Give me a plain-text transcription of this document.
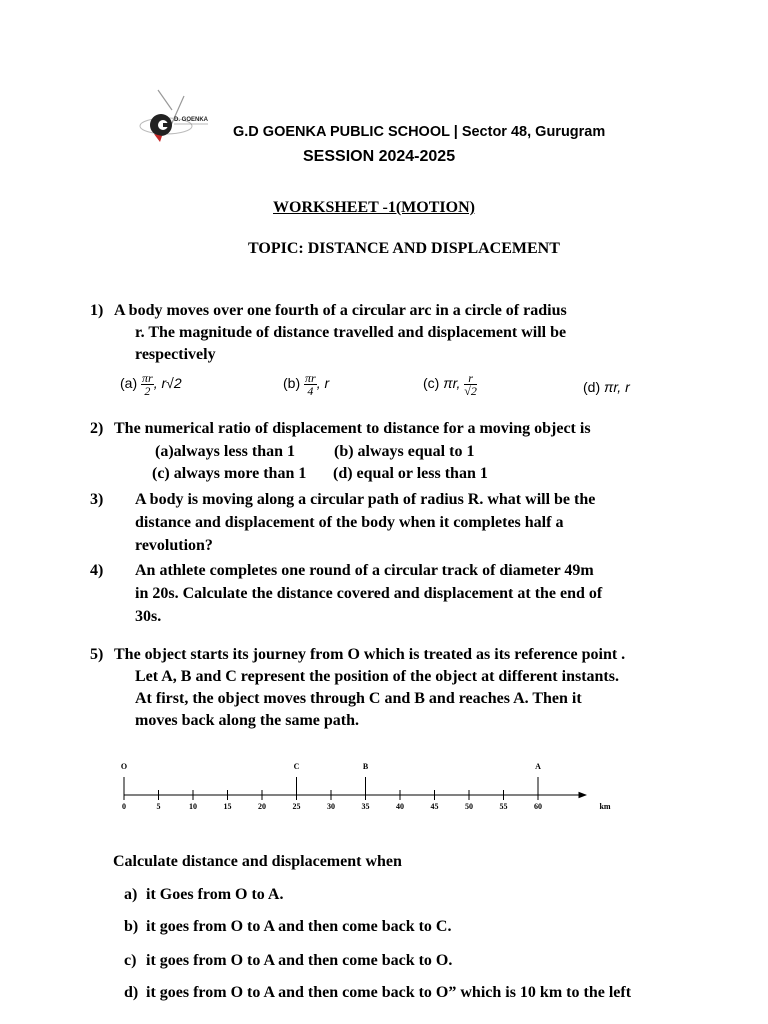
D. GOENKA
G.D GOENKA PUBLIC SCHOOL | Sector 48, Gurugram
SESSION 2024-2025
WORKSHEET -1(MOTION)
TOPIC: DISTANCE AND DISPLACEMENT
1) A body moves over one fourth of a circular arc in a circle of radius
r. The magnitude of distance travelled and displacement will be
respectively
$(a) \frac{\pi r}{2}$ , r√2	$(b) \frac{\pi r}{4}$ , r	(c) πr, $\frac{r}{√2}$	(d) πr, r
2) The numerical ratio of displacement to distance for a moving object is
(a)always less than 1 (b) always equal to 1
(c) always more than 1 (d) equal or less than 1
3) A body is moving along a circular path of radius R. what will be the
distance and displacement of the body when it completes half a
revolution?
4) An athlete completes one round of a circular track of diameter 49m
in 20s. Calculate the distance covered and displacement at the end of
30s.
5) The object starts its journey from O which is treated as its reference point .
Let A, B and C represent the position of the object at different instants.
At first, the object moves through C and B and reaches A. Then it
moves back along the same path.
0	5	10	15	20	25	30	35	40	45	50	55	60
O	C	B	A
km
Calculate distance and displacement when
a) it Goes from O to A.
b) it goes from O to A and then come back to C.
c) it goes from O to A and then come back to O.
d) it goes from O to A and then come back to O” which is 10 km to the left
